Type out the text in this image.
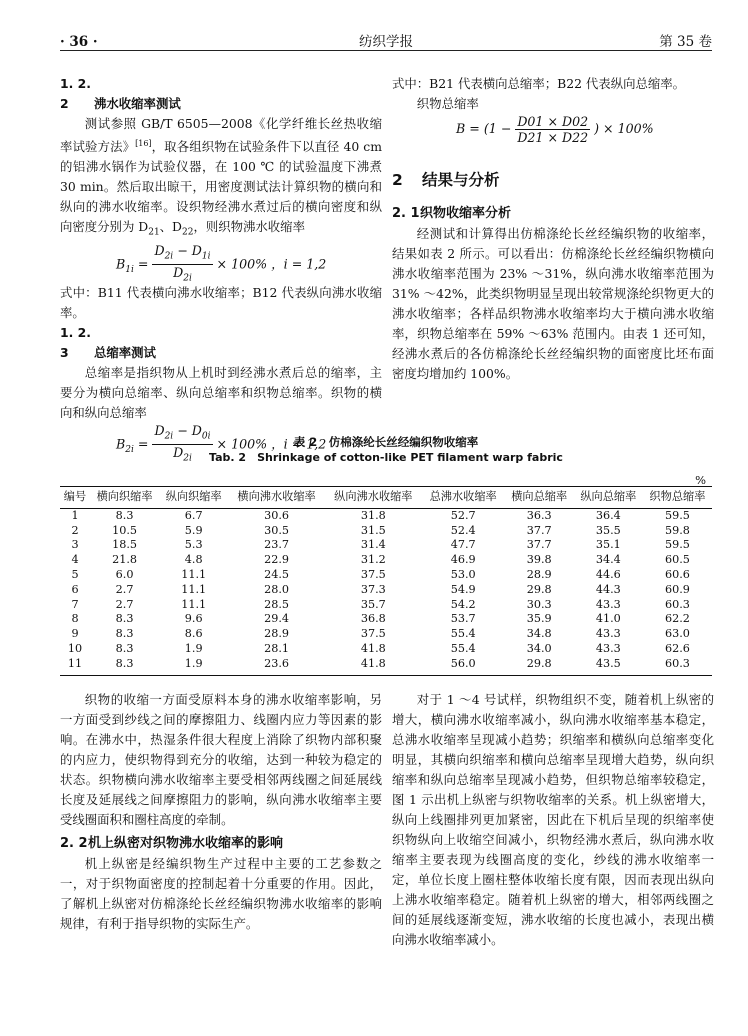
· 36 ·	纺织学报	第 35 卷
1. 2. 2 沸水收缩率测试

测试参照 GB/T 6505—2008《化学纤维长丝热收缩率试验方法》[16]，取各组织物在试验条件下以直径 40 cm 的铝沸水锅作为试验仪器，在 100 ℃ 的试验温度下沸煮 30 min。然后取出晾干，用密度测试法计算织物的横向和纵向的沸水收缩率。设织物经沸水煮过后的横向密度和纵向密度分别为 $D_{21}$、$D_{22}$，则织物沸水收缩率

$B_{1i} = \frac{D_{2i} - D_{1i}}{D_{2i}} \times 100\%$ ，i = 1,2

式中：B11 代表横向沸水收缩率；B12 代表纵向沸水收缩率。

1. 2. 3 总缩率测试

总缩率是指织物从上机时到经沸水煮后总的缩率，主要分为横向总缩率、纵向总缩率和织物总缩率。织物的横向和纵向总缩率

$B_{2i} = \frac{D_{2i} - D_{0i}}{D_{2i}} \times 100\%$ ，i = 1,2

式中：B21 代表横向总缩率；B22 代表纵向总缩率。

织物总缩率

$B = (1 - \frac{D01 \times D02}{D21 \times D22}$ ) × 100%
2 结果与分析
2. 1织物收缩率分析

经测试和计算得出仿棉涤纶长丝经编织物的收缩率，结果如表 2 所示。可以看出：仿棉涤纶长丝经编织物横向沸水收缩率范围为 23% ～31%，纵向沸水收缩率范围为 31% ～42%，此类织物明显呈现出较常规涤纶织物更大的沸水收缩率；各样品织物沸水收缩率均大于横向沸水收缩率，织物总缩率在 59% ～63% 范围内。由表 1 还可知，经沸水煮后的各仿棉涤纶长丝经编织物的面密度比坯布面密度均增加约 100%。

表 2　仿棉涤纶长丝经编织物收缩率
Tab. 2　Shrinkage of cotton-like PET filament warp fabric
%
编号	横向织缩率	纵向织缩率	横向沸水收缩率	纵向沸水收缩率	总沸水收缩率	横向总缩率	纵向总缩率	织物总缩率
1	8.3	6.7	30.6	31.8	52.7	36.3	36.4	59.5
2	10.5	5.9	30.5	31.5	52.4	37.7	35.5	59.8
3	18.5	5.3	23.7	31.4	47.7	37.7	35.1	59.5
4	21.8	4.8	22.9	31.2	46.9	39.8	34.4	60.5
5	6.0	11.1	24.5	37.5	53.0	28.9	44.6	60.6
6	2.7	11.1	28.0	37.3	54.9	29.8	44.3	60.9
7	2.7	11.1	28.5	35.7	54.2	30.3	43.3	60.3
8	8.3	9.6	29.4	36.8	53.7	35.9	41.0	62.2
9	8.3	8.6	28.9	37.5	55.4	34.8	43.3	63.0
10	8.3	1.9	28.1	41.8	55.4	34.0	43.3	62.6
11	8.3	1.9	23.6	41.8	56.0	29.8	43.5	60.3

织物的收缩一方面受原料本身的沸水收缩率影响，另一方面受到纱线之间的摩擦阻力、线圈内应力等因素的影响。在沸水中，热湿条件很大程度上消除了织物内部积聚的内应力，使织物得到充分的收缩，达到一种较为稳定的状态。织物横向沸水收缩率主要受相邻两线圈之间延展线长度及延展线之间摩擦阻力的影响，纵向沸水收缩率主要受线圈面积和圈柱高度的牵制。

2. 2机上纵密对织物沸水收缩率的影响

机上纵密是经编织物生产过程中主要的工艺参数之一，对于织物面密度的控制起着十分重要的作用。因此，了解机上纵密对仿棉涤纶长丝经编织物沸水收缩率的影响规律，有利于指导织物的实际生产。

对于 1 ～4 号试样，织物组织不变，随着机上纵密的增大，横向沸水收缩率减小，纵向沸水收缩率基本稳定，总沸水收缩率呈现减小趋势；织缩率和横纵向总缩率变化明显，其横向织缩率和横向总缩率呈现增大趋势，纵向织缩率和纵向总缩率呈现减小趋势，但织物总缩率较稳定，图 1 示出机上纵密与织物收缩率的关系。机上纵密增大，纵向上线圈排列更加紧密，因此在下机后呈现的织缩率使织物纵向上收缩空间减小，织物经沸水煮后，纵向沸水收缩率主要表现为线圈高度的变化，纱线的沸水收缩率一定，单位长度上圈柱整体收缩长度有限，因而表现出纵向上沸水收缩率稳定。随着机上纵密的增大，相邻两线圈之间的延展线逐渐变短，沸水收缩的长度也减小，表现出横向沸水收缩率减小。
